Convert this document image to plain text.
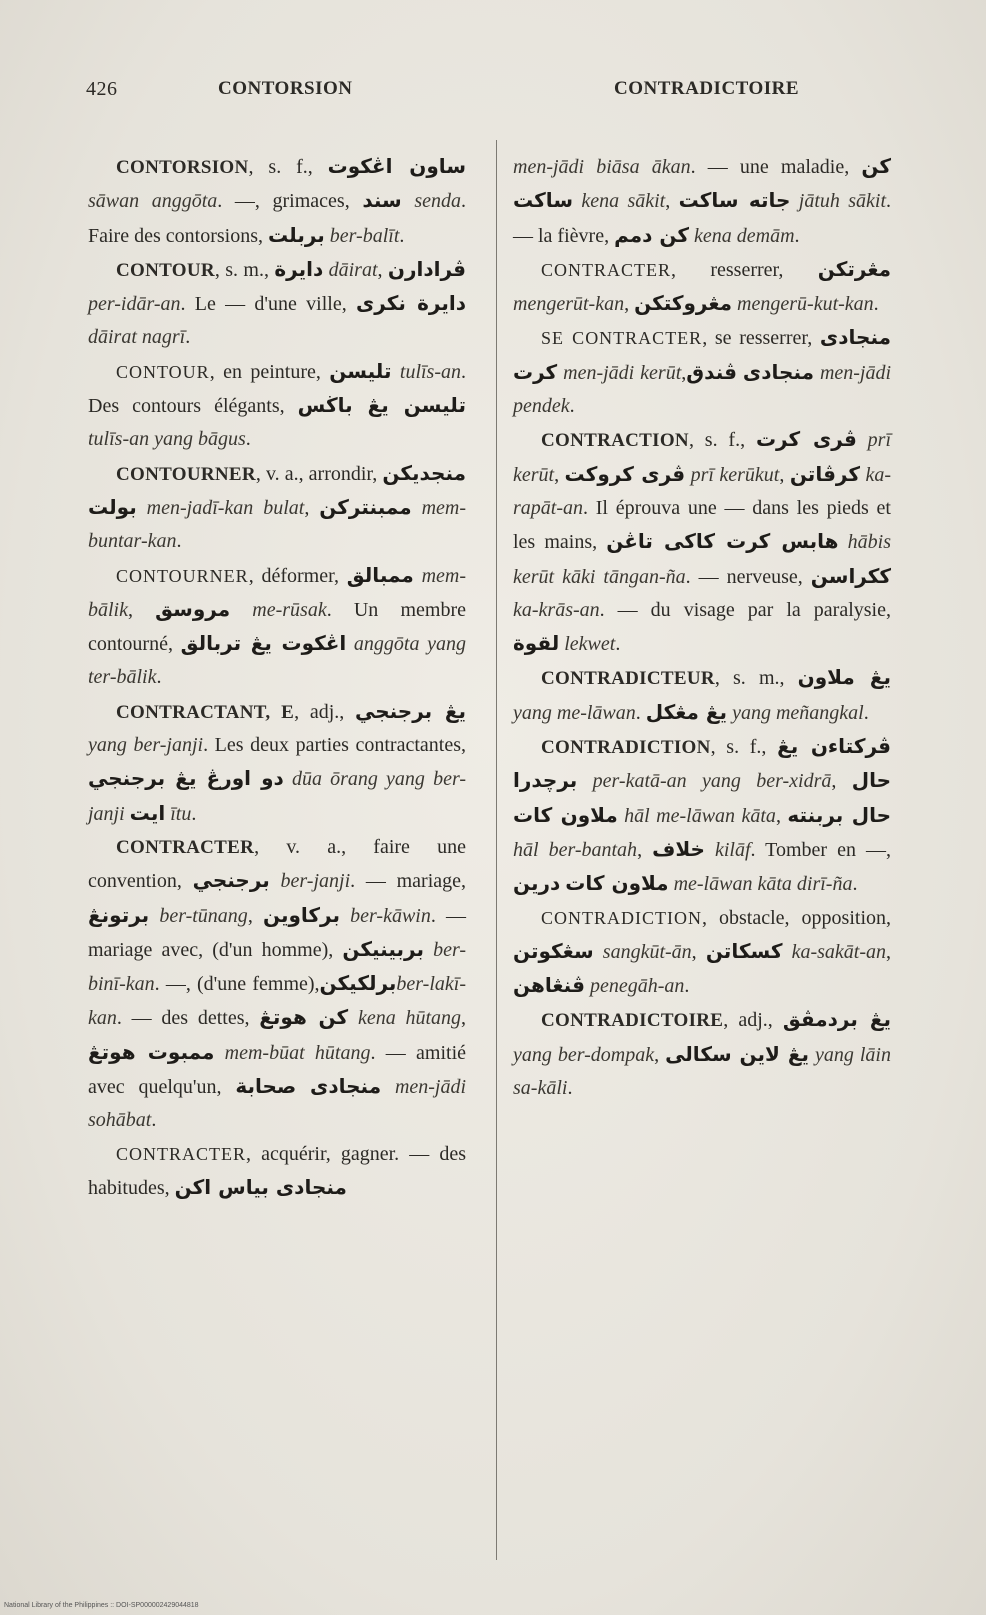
426	CONTORSION	CONTRADICTOIRE

CONTORSION, s. f., ساون اڠكوت sāwan anggōta. —, grimaces, سند senda. Faire des contorsions, بربلت ber-balīt.

CONTOUR, s. m., دايرة dāirat, ڤرادارن per-idār-an. Le — d'une ville, دايرة نکری dāirat nagrī.

CONTOUR, en peinture, تليسن tulīs-an. Des contours élégants, تليسن يڠ باڬس tulīs-an yang bāgus.

CONTOURNER, v. a., arrondir, منجديکن بولت men-jadī-kan bulat, ممبنترکن mem-buntar-kan.

CONTOURNER, déformer, ممبالق mem-bālik, مروسق me-rūsak. Un membre contourné, اڠكوت يڠ تربالق anggōta yang ter-bālik.

CONTRACTANT, E, adj., يڠ برجنجي yang ber-janji. Les deux parties contractantes, دو اورڠ يڠ برجنجي dūa ōrang yang ber-janji ايت ītu.

CONTRACTER, v. a., faire une convention, برجنجي ber-janji. — mariage, برتونڠ ber-tūnang, برکاوين ber-kāwin. — mariage avec, (d'un homme), بربينيکن ber-binī-kan. —, (d'une femme),برلکيکنber-lakī-kan. — des dettes, کن هوتڠ kena hūtang, ممبوت هوتڠ mem-būat hūtang. — amitié avec quelqu'un,	منجادی صحابة	men-jādi sohābat.

CONTRACTER, acquérir, gagner. — des habitudes, منجادی بياس اکن

men-jādi biāsa ākan. — une maladie, کن ساکت kena sākit, جاته ساکت jātuh sākit. — la fièvre, کن دمم kena demām.

CONTRACTER, resserrer, مڠرتکن mengerūt-kan, مڠروکتکن mengerū-kut-kan.

SE CONTRACTER, se resserrer, منجادی کرت men-jādi kerūt,	منجادی ڤندق	men-jādi pendek.

CONTRACTION, s. f., ڤری کرت prī kerūt, ڤری کروکت prī kerūkut, کرڤاتن ka-rapāt-an. Il éprouva une — dans les pieds et les mains, هابس کرت کاکی تاڠن hābis kerūt kāki tāngan-ña. — nerveuse, ککراسن ka-krās-an. — du visage par la paralysie, لقوة lekwet.

CONTRADICTEUR, s. m., يڠ ملاون yang me-lāwan. يڠ مڠکل yang meñangkal.

CONTRADICTION, s. f., ڤرکتاءن يڠ برچدرا per-katā-an yang ber-xidrā, حال ملاون کات hāl me-lāwan kāta, حال بربنته hāl ber-bantah, خلاف kilāf. Tomber en —, ملاون کات درين	me-lāwan kāta dirī-ña.

CONTRADICTION, obstacle, opposition, سڠکوتن sangkūt-ān, کسکاتن ka-sakāt-an, ڤنڠاهن penegāh-an.

CONTRADICTOIRE, adj., يڠ بردمڤق yang ber-dompak, يڠ لاين سکالی yang lāin sa-kāli.

National Library of the Philippines :: DOI-SP000002429044818
